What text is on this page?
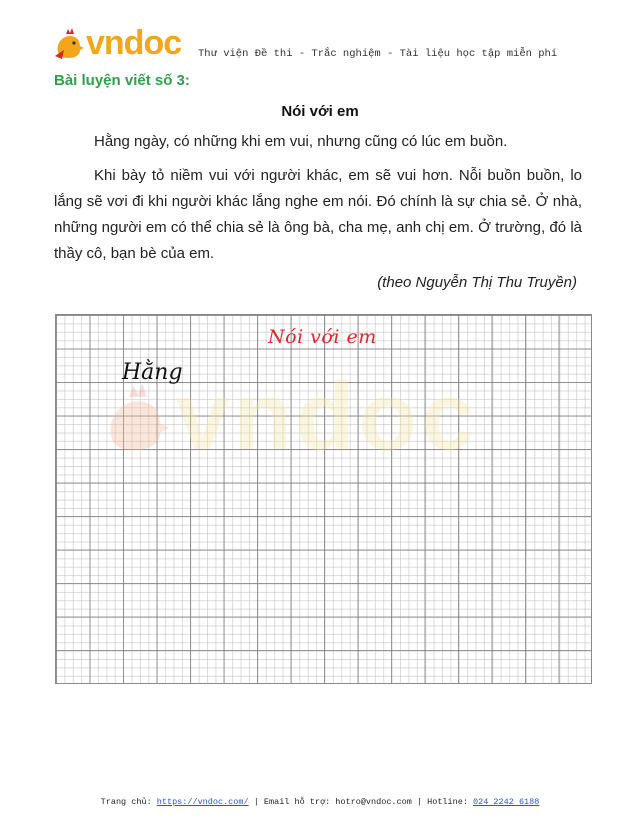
vndoc Thư viện Đề thi - Trắc nghiệm - Tài liệu học tập miễn phí
Bài luyện viết số 3:
Nói với em

Hằng ngày, có những khi em vui, nhưng cũng có lúc em buồn.

Khi bày tỏ niềm vui với người khác, em sẽ vui hơn. Nỗi buồn buồn, lo lắng sẽ vơi đi khi người khác lắng nghe em nói. Đó chính là sự chia sẻ. Ở nhà, những người em có thể chia sẻ là ông bà, cha mẹ, anh chị em. Ở trường, đó là thầy cô, bạn bè của em.

(theo Nguyễn Thị Thu Truyền)
vndoc
Nói với em
Hằng
Trang chủ: https://vndoc.com/ | Email hỗ trợ: hotro@vndoc.com | Hotline: 024 2242 6188
